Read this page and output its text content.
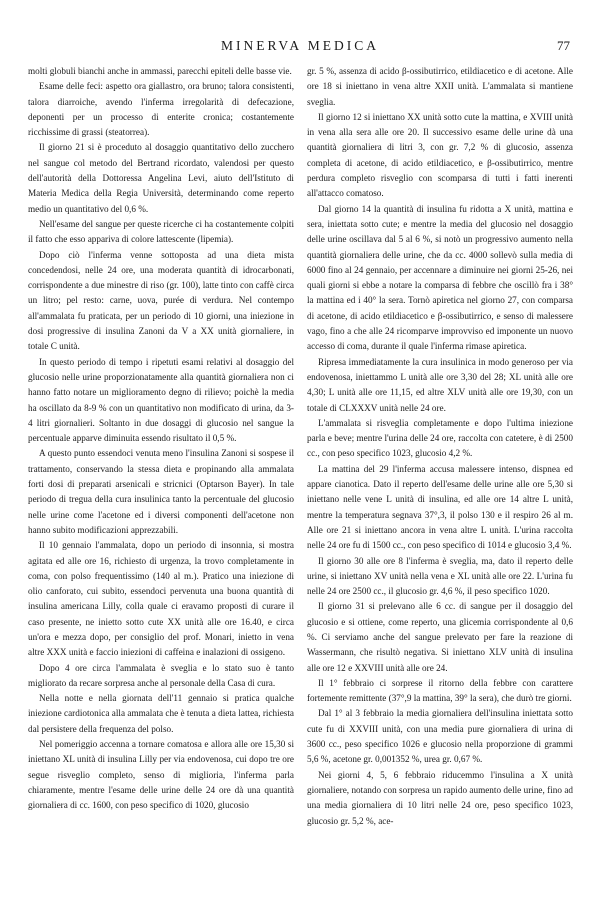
MINERVA MEDICA	77

molti globuli bianchi anche in ammassi, parecchi epiteli delle basse vie.

Esame delle feci: aspetto ora giallastro, ora bruno; talora consistenti, talora diarroiche, avendo l'inferma irregolarità di defecazione, deponenti per un processo di enterite cronica; costantemente ricchissime di grassi (steatorrea).

Il giorno 21 si è proceduto al dosaggio quantitativo dello zucchero nel sangue col metodo del Bertrand ricordato, valendosi per questo dell'autorità della Dottoressa Angelina Levi, aiuto dell'Istituto di Materia Medica della Regia Università, determinando come reperto medio un quantitativo del 0,6 %.

Nell'esame del sangue per queste ricerche ci ha costantemente colpiti il fatto che esso appariva di colore lattescente (lipemia).

Dopo ciò l'inferma venne sottoposta ad una dieta mista concedendosi, nelle 24 ore, una moderata quantità di idrocarbonati, corrispondente a due minestre di riso (gr. 100), latte tinto con caffè circa un litro; pel resto: carne, uova, purée di verdura. Nel contempo all'ammalata fu praticata, per un periodo di 10 giorni, una iniezione in dosi progressive di insulina Zanoni da V a XX unità giornaliere, in totale C unità.

In questo periodo di tempo i ripetuti esami relativi al dosaggio del glucosio nelle urine proporzionatamente alla quantità giornaliera non ci hanno fatto notare un miglioramento degno di rilievo; poichè la media ha oscillato da 8-9 % con un quantitativo non modificato di urina, da 3-4 litri giornalieri. Soltanto in due dosaggi di glucosio nel sangue la percentuale apparve diminuita essendo risultato il 0,5 %.

A questo punto essendoci venuta meno l'insulina Zanoni si sospese il trattamento, conservando la stessa dieta e propinando alla ammalata forti dosi di preparati arsenicali e stricnici (Optarson Bayer). In tale periodo di tregua della cura insulinica tanto la percentuale del glucosio nelle urine come l'acetone ed i diversi componenti dell'acetone non hanno subito modificazioni apprezzabili.

Il 10 gennaio l'ammalata, dopo un periodo di insonnia, si mostra agitata ed alle ore 16, richiesto di urgenza, la trovo completamente in coma, con polso frequentissimo (140 al m.). Pratico una iniezione di olio canforato, cui subito, essendoci pervenuta una buona quantità di insulina americana Lilly, colla quale ci eravamo proposti di curare il caso presente, ne inietto sotto cute XX unità alle ore 16.40, e circa un'ora e mezza dopo, per consiglio del prof. Monari, inietto in vena altre XXX unità e faccio iniezioni di caffeina e inalazioni di ossigeno.

Dopo 4 ore circa l'ammalata è sveglia e lo stato suo è tanto migliorato da recare sorpresa anche al personale della Casa di cura.

Nella notte e nella giornata dell'11 gennaio si pratica qualche iniezione cardiotonica alla ammalata che è tenuta a dieta lattea, richiesta dal persistere della frequenza del polso.

Nel pomeriggio accenna a tornare comatosa e allora alle ore 15,30 si iniettano XL unità di insulina Lilly per via endovenosa, cui dopo tre ore segue risveglio completo, senso di miglioria, l'inferma parla chiaramente, mentre l'esame delle urine delle 24 ore dà una quantità giornaliera di cc. 1600, con peso specifico di 1020, glucosio

gr. 5 %, assenza di acido β-ossibutirrico, etildiacetico e di acetone. Alle ore 18 si iniettano in vena altre XXII unità. L'ammalata si mantiene sveglia.

Il giorno 12 si iniettano XX unità sotto cute la mattina, e XVIII unità in vena alla sera alle ore 20. Il successivo esame delle urine dà una quantità giornaliera di litri 3, con gr. 7,2 % di glucosio, assenza completa di acetone, di acido etildiacetico, e β-ossibutirrico, mentre perdura completo risveglio con scomparsa di tutti i fatti inerenti all'attacco comatoso.

Dal giorno 14 la quantità di insulina fu ridotta a X unità, mattina e sera, iniettata sotto cute; e mentre la media del glucosio nel dosaggio delle urine oscillava dal 5 al 6 %, si notò un progressivo aumento nella quantità giornaliera delle urine, che da cc. 4000 sollevò sulla media di 6000 fino al 24 gennaio, per accennare a diminuire nei giorni 25-26, nei quali giorni si ebbe a notare la comparsa di febbre che oscillò fra i 38° la mattina ed i 40° la sera. Tornò apiretica nel giorno 27, con comparsa di acetone, di acido etildiacetico e β-ossibutirrico, e senso di malessere vago, fino a che alle 24 ricomparve improvviso ed imponente un nuovo accesso di coma, durante il quale l'inferma rimase apiretica.

Ripresa immediatamente la cura insulinica in modo generoso per via endovenosa, iniettammo L unità alle ore 3,30 del 28; XL unità alle ore 4,30; L unità alle ore 11,15, ed altre XLV unità alle ore 19,30, con un totale di CLXXXV unità nelle 24 ore.

L'ammalata si risveglia completamente e dopo l'ultima iniezione parla e beve; mentre l'urina delle 24 ore, raccolta con catetere, è di 2500 cc., con peso specifico 1023, glucosio 4,2 %.

La mattina del 29 l'inferma accusa malessere intenso, dispnea ed appare cianotica. Dato il reperto dell'esame delle urine alle ore 5,30 si iniettano nelle vene L unità di insulina, ed alle ore 14 altre L unità, mentre la temperatura segnava 37°,3, il polso 130 e il respiro 26 al m. Alle ore 21 si iniettano ancora in vena altre L unità. L'urina raccolta nelle 24 ore fu di 1500 cc., con peso specifico di 1014 e glucosio 3,4 %.

Il giorno 30 alle ore 8 l'inferma è sveglia, ma, dato il reperto delle urine, si iniettano XV unità nella vena e XL unità alle ore 22. L'urina fu nelle 24 ore 2500 cc., il glucosio gr. 4,6 %, il peso specifico 1020.

Il giorno 31 si prelevano alle 6 cc. di sangue per il dosaggio del glucosio e si ottiene, come reperto, una glicemia corrispondente al 0,6 %. Ci serviamo anche del sangue prelevato per fare la reazione di Wassermann, che risultò negativa. Si iniettano XLV unità di insulina alle ore 12 e XXVIII unità alle ore 24.

Il 1° febbraio ci sorprese il ritorno della febbre con carattere fortemente remittente (37°,9 la mattina, 39° la sera), che durò tre giorni.

Dal 1° al 3 febbraio la media giornaliera dell'insulina iniettata sotto cute fu di XXVIII unità, con una media pure giornaliera di urina di 3600 cc., peso specifico 1026 e glucosio nella proporzione di grammi 5,6 %, acetone gr. 0,001352 %, urea gr. 0,67 %.

Nei giorni 4, 5, 6 febbraio riducemmo l'insulina a X unità giornaliere, notando con sorpresa un rapido aumento delle urine, fino ad una media giornaliera di 10 litri nelle 24 ore, peso specifico 1023, glucosio gr. 5,2 %, ace-
